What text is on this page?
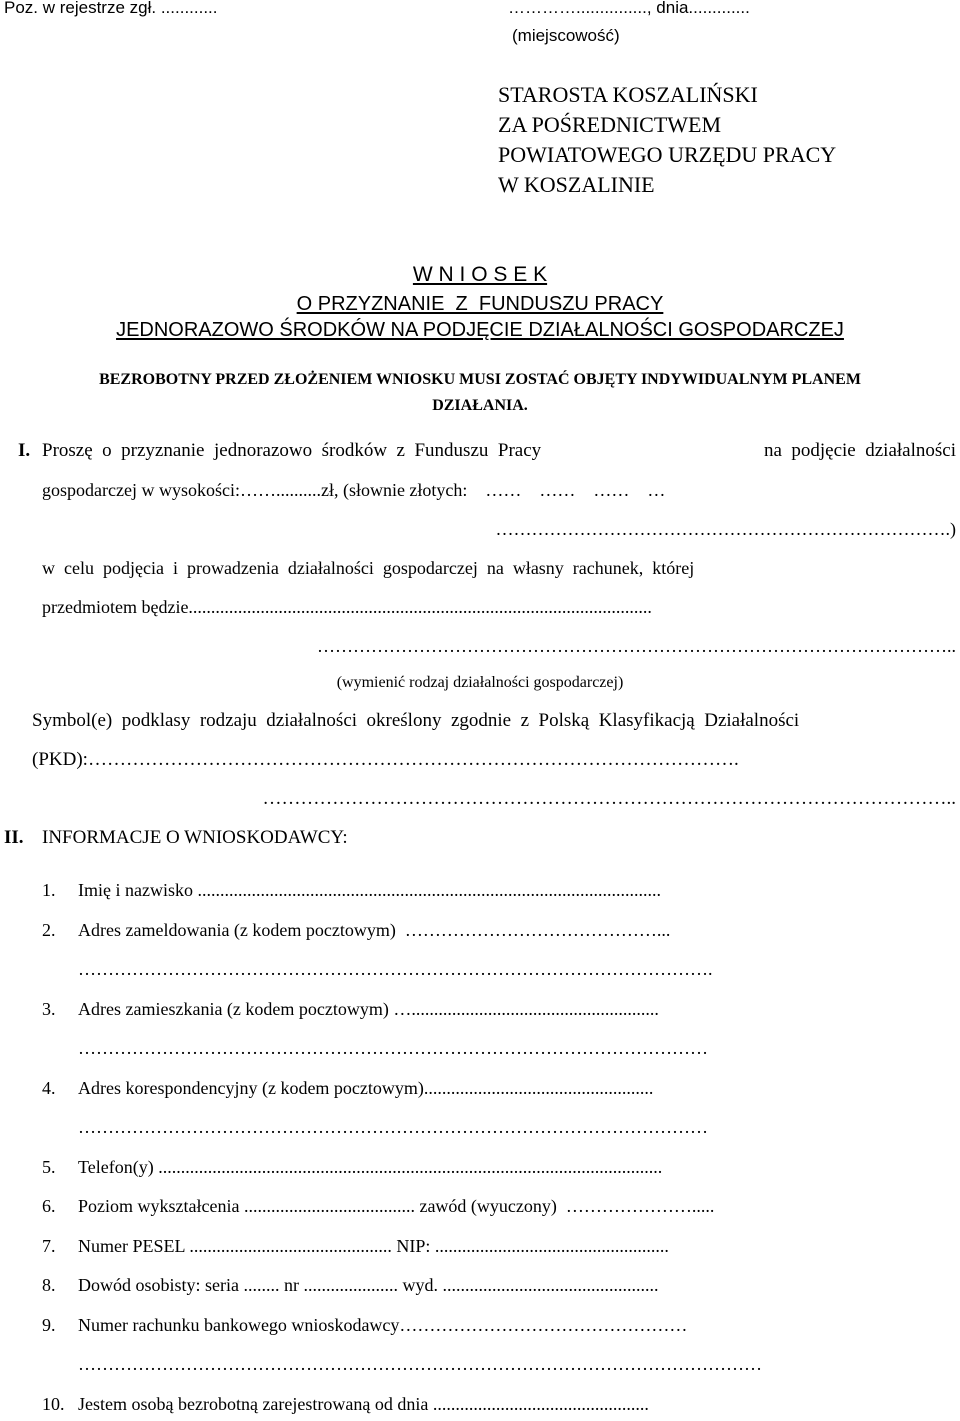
Poz. w rejestrze zgł. ............	…………..............., dnia.............
(miejscowość)
STAROSTA KOSZALIŃSKI
ZA POŚREDNICTWEM
POWIATOWEGO URZĘDU PRACY
W KOSZALINIE
W N I O S E K
O PRZYZNANIE  Z  FUNDUSZU PRACY
JEDNORAZOWO ŚRODKÓW NA PODJĘCIE DZIAŁALNOŚCI GOSPODARCZEJ
BEZROBOTNY PRZED ZŁOŻENIEM WNIOSKU MUSI ZOSTAĆ OBJĘTY INDYWIDUALNYM PLANEM
DZIAŁANIA.
I. Proszę  o  przyznanie  jednorazowo  środków  z  Funduszu  Pracy	na  podjęcie  działalności
gospodarczej w wysokości:……..........zł, (słownie złotych:    ……    ……    ……    …
………………………………………………………………….)
w  celu  podjęcia  i  prowadzenia  działalności  gospodarczej  na  własny  rachunek,  której
przedmiotem będzie.......................................................................................................
……………………………………………………………………………………………..
(wymienić rodzaj działalności gospodarczej)
Symbol(e)  podklasy  rodzaju  działalności  określony  zgodnie  z  Polską  Klasyfikacją  Działalności
(PKD):………………………………………………………………………………………….
………………………………………………………………………………………………..
II. INFORMACJE O WNIOSKODAWCY:
1.	Imię i nazwisko .......................................................................................................
2.	Adres zameldowania (z kodem pocztowym)  ……………………………………...
…………………………………………………………………………………………….
3.	Adres zamieszkania (z kodem pocztowym) ….......................................................
……………………………………………………………………………………………
4.	Adres korespondencyjny (z kodem pocztowym)...................................................
……………………………………………………………………………………………
5.	Telefon(y) ................................................................................................................
6.	Poziom wykształcenia ...................................... zawód (wyuczony)  ………………….....
7.	Numer PESEL ............................................. NIP: ....................................................
8.	Dowód osobisty: seria ........ nr ..................... wyd. ................................................
9.	Numer rachunku bankowego wnioskodawcy…………………………………………
……………………………………………………………………………………………………
10. Jestem osobą bezrobotną zarejestrowaną od dnia ................................................
